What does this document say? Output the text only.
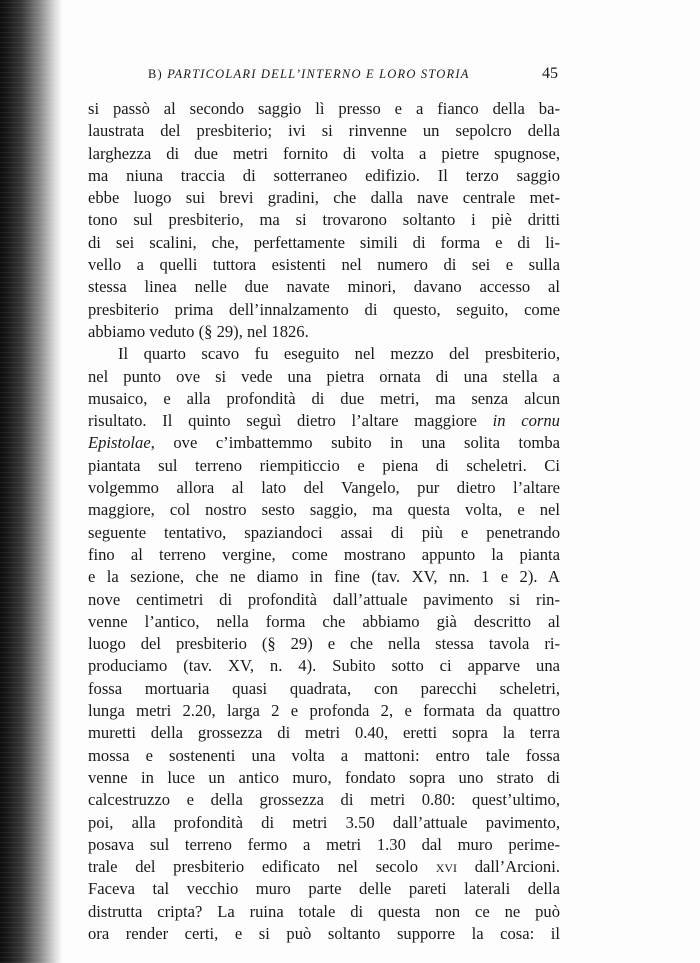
B) PARTICOLARI DELL’INTERNO E LORO STORIA	45
si passò al secondo saggio lì presso e a fianco della ba-
laustrata del presbiterio; ivi si rinvenne un sepolcro della
larghezza di due metri fornito di volta a pietre spugnose,
ma niuna traccia di sotterraneo edifizio. Il terzo saggio
ebbe luogo sui brevi gradini, che dalla nave centrale met-
tono sul presbiterio, ma si trovarono soltanto i piè dritti
di sei scalini, che, perfettamente simili di forma e di li-
vello a quelli tuttora esistenti nel numero di sei e sulla
stessa linea nelle due navate minori, davano accesso al
presbiterio prima dell’innalzamento di questo, seguito, come
abbiamo veduto (§ 29), nel 1826.
Il quarto scavo fu eseguito nel mezzo del presbiterio,
nel punto ove si vede una pietra ornata di una stella a
musaico, e alla profondità di due metri, ma senza alcun
risultato. Il quinto seguì dietro l’altare maggiore in cornu
Epistolae, ove c’imbattemmo subito in una solita tomba
piantata sul terreno riempiticcio e piena di scheletri. Ci
volgemmo allora al lato del Vangelo, pur dietro l’altare
maggiore, col nostro sesto saggio, ma questa volta, e nel
seguente tentativo, spaziandoci assai di più e penetrando
fino al terreno vergine, come mostrano appunto la pianta
e la sezione, che ne diamo in fine (tav. XV, nn. 1 e 2). A
nove centimetri di profondità dall’attuale pavimento si rin-
venne l’antico, nella forma che abbiamo già descritto al
luogo del presbiterio (§ 29) e che nella stessa tavola ri-
produciamo (tav. XV, n. 4). Subito sotto ci apparve una
fossa mortuaria quasi quadrata, con parecchi scheletri,
lunga metri 2.20, larga 2 e profonda 2, e formata da quattro
muretti della grossezza di metri 0.40, eretti sopra la terra
mossa e sostenenti una volta a mattoni: entro tale fossa
venne in luce un antico muro, fondato sopra uno strato di
calcestruzzo e della grossezza di metri 0.80: quest’ultimo,
poi, alla profondità di metri 3.50 dall’attuale pavimento,
posava sul terreno fermo a metri 1.30 dal muro perime-
trale del presbiterio edificato nel secolo xvi dall’Arcioni.
Faceva tal vecchio muro parte delle pareti laterali della
distrutta cripta? La ruina totale di questa non ce ne può
ora render certi, e si può soltanto supporre la cosa: il
